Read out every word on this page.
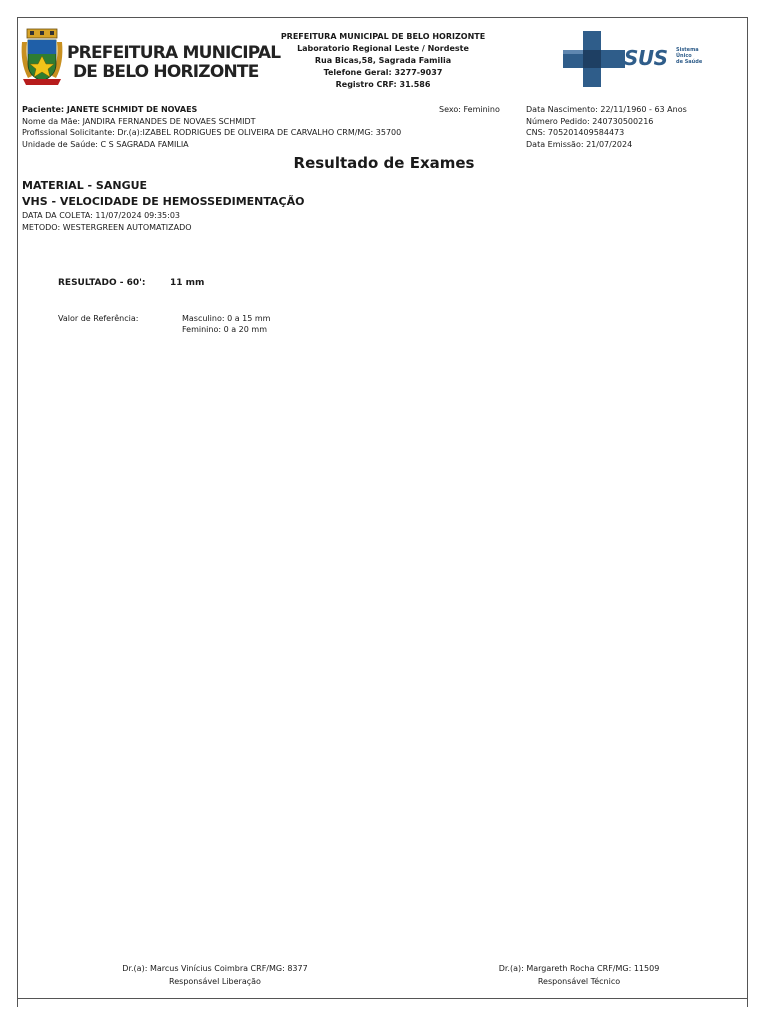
PREFEITURA MUNICIPAL
DE BELO HORIZONTE
PREFEITURA MUNICIPAL DE BELO HORIZONTE
Laboratorio Regional Leste / Nordeste
Rua Bicas,58, Sagrada Familia
Telefone Geral: 3277-9037
Registro CRF: 31.586
SUS Sistema
Único
de Saúde
Paciente: JANETE SCHMIDT DE NOVAES
Nome da Mãe: JANDIRA FERNANDES DE NOVAES SCHMIDT
Profissional Solicitante: Dr.(a):IZABEL RODRIGUES DE OLIVEIRA DE CARVALHO CRM/MG: 35700
Unidade de Saúde: C S SAGRADA FAMILIA
Sexo: Feminino	Data Nascimento: 22/11/1960 - 63 Anos
Número Pedido: 240730500216
CNS: 705201409584473
Data Emissão: 21/07/2024
Resultado de Exames
MATERIAL - SANGUE
VHS - VELOCIDADE DE HEMOSSEDIMENTAÇÃO
DATA DA COLETA: 11/07/2024 09:35:03
METODO: WESTERGREEN AUTOMATIZADO
RESULTADO - 60':	11 mm
Valor de Referência:	Masculino: 0 a 15 mm
Feminino: 0 a 20 mm
Dr.(a): Marcus Vinícius Coimbra CRF/MG: 8377
Responsável Liberação
Dr.(a): Margareth Rocha CRF/MG: 11509
Responsável Técnico
